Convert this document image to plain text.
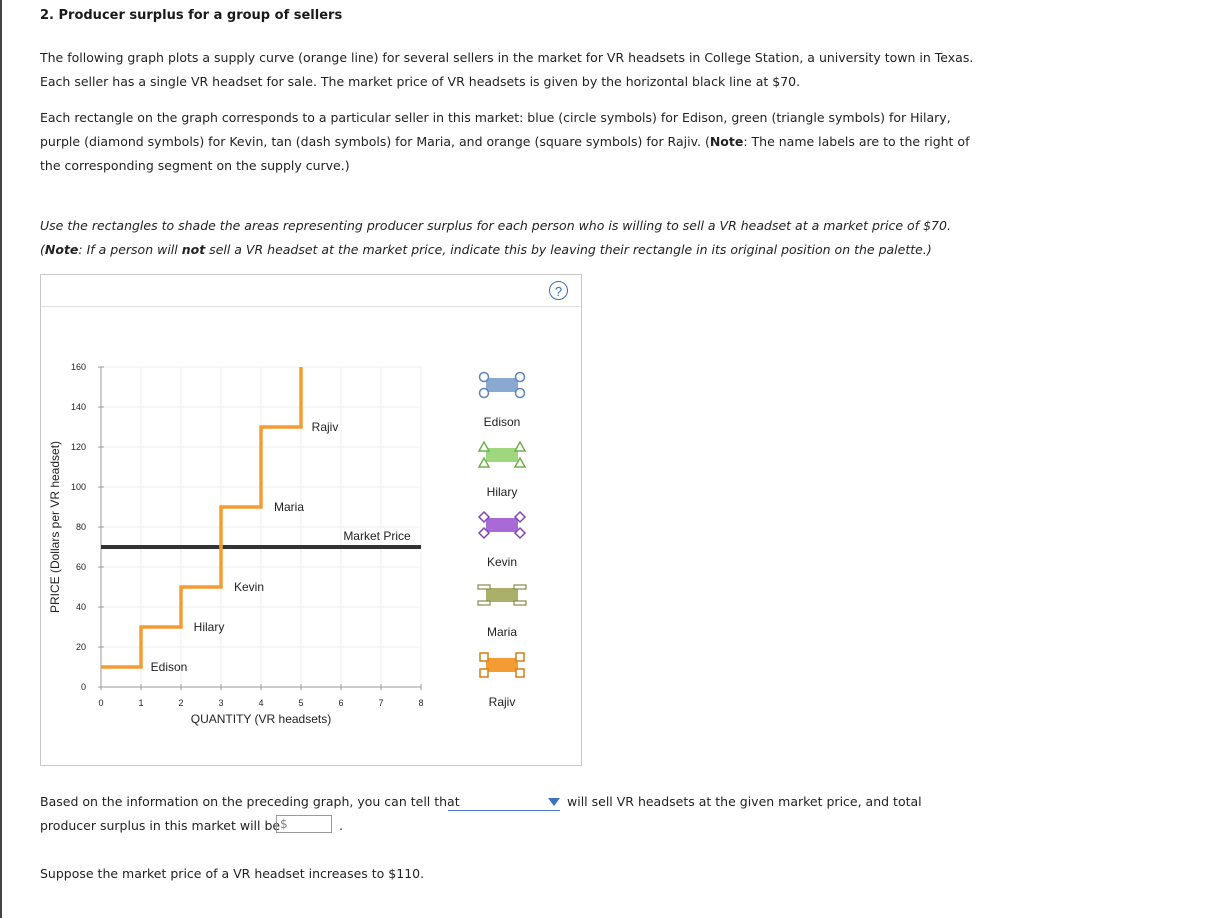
2. Producer surplus for a group of sellers
The following graph plots a supply curve (orange line) for several sellers in the market for VR headsets in College Station, a university town in Texas.
Each seller has a single VR headset for sale. The market price of VR headsets is given by the horizontal black line at $70.
Each rectangle on the graph corresponds to a particular seller in this market: blue (circle symbols) for Edison, green (triangle symbols) for Hilary,
purple (diamond symbols) for Kevin, tan (dash symbols) for Maria, and orange (square symbols) for Rajiv. (Note: The name labels are to the right of
the corresponding segment on the supply curve.)
Use the rectangles to shade the areas representing producer surplus for each person who is willing to sell a VR headset at a market price of $70.
(Note: If a person will not sell a VR headset at the market price, indicate this by leaving their rectangle in its original position on the palette.)
?
0	1	2	3	4	5	6	7	8
0
20
40
60
80
100
120
140
160
QUANTITY (VR headsets)
PRICE (Dollars per VR headset)	Market Price
Edison
Hilary
Kevin
Maria
Rajiv	Edison
Hilary
Kevin
Maria
Rajiv
Based on the information on the preceding graph, you can tell that	will sell VR headsets at the given market price, and total
producer surplus in this market will be $	.
Suppose the market price of a VR headset increases to $110.
